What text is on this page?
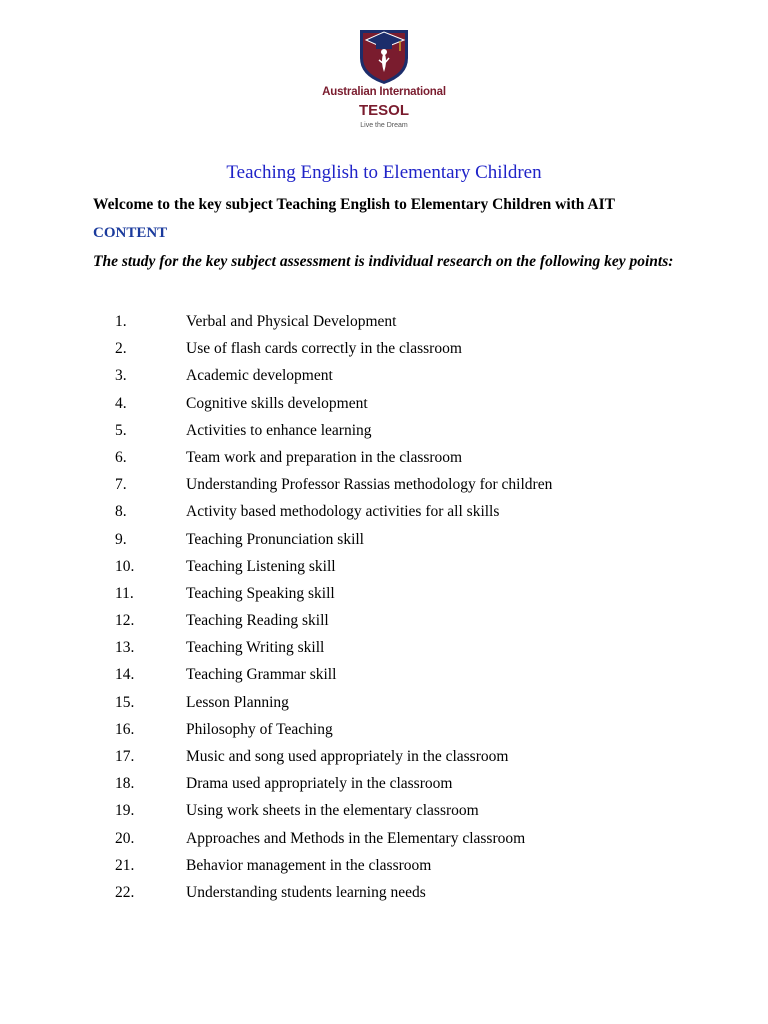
Australian International
TESOL
Live the Dream
Teaching English to Elementary Children
Welcome to the key subject Teaching English to Elementary Children with AIT
CONTENT
The study for the key subject assessment is individual research on the following key points:
1.	Verbal and Physical Development
2.	Use of flash cards correctly in the classroom
3.	Academic development
4.	Cognitive skills development
5.	Activities to enhance learning
6.	Team work and preparation in the classroom
7.	Understanding Professor Rassias methodology for children
8.	Activity based methodology activities for all skills
9.	Teaching Pronunciation skill
10.	Teaching Listening skill
11.	Teaching Speaking skill
12.	Teaching Reading skill
13.	Teaching Writing skill
14.	Teaching Grammar skill
15.	Lesson Planning
16.	Philosophy of Teaching
17.	Music and song used appropriately in the classroom
18.	Drama used appropriately in the classroom
19.	Using work sheets in the elementary classroom
20.	Approaches and Methods in the Elementary classroom
21.	Behavior management in the classroom
22.	Understanding students learning needs
